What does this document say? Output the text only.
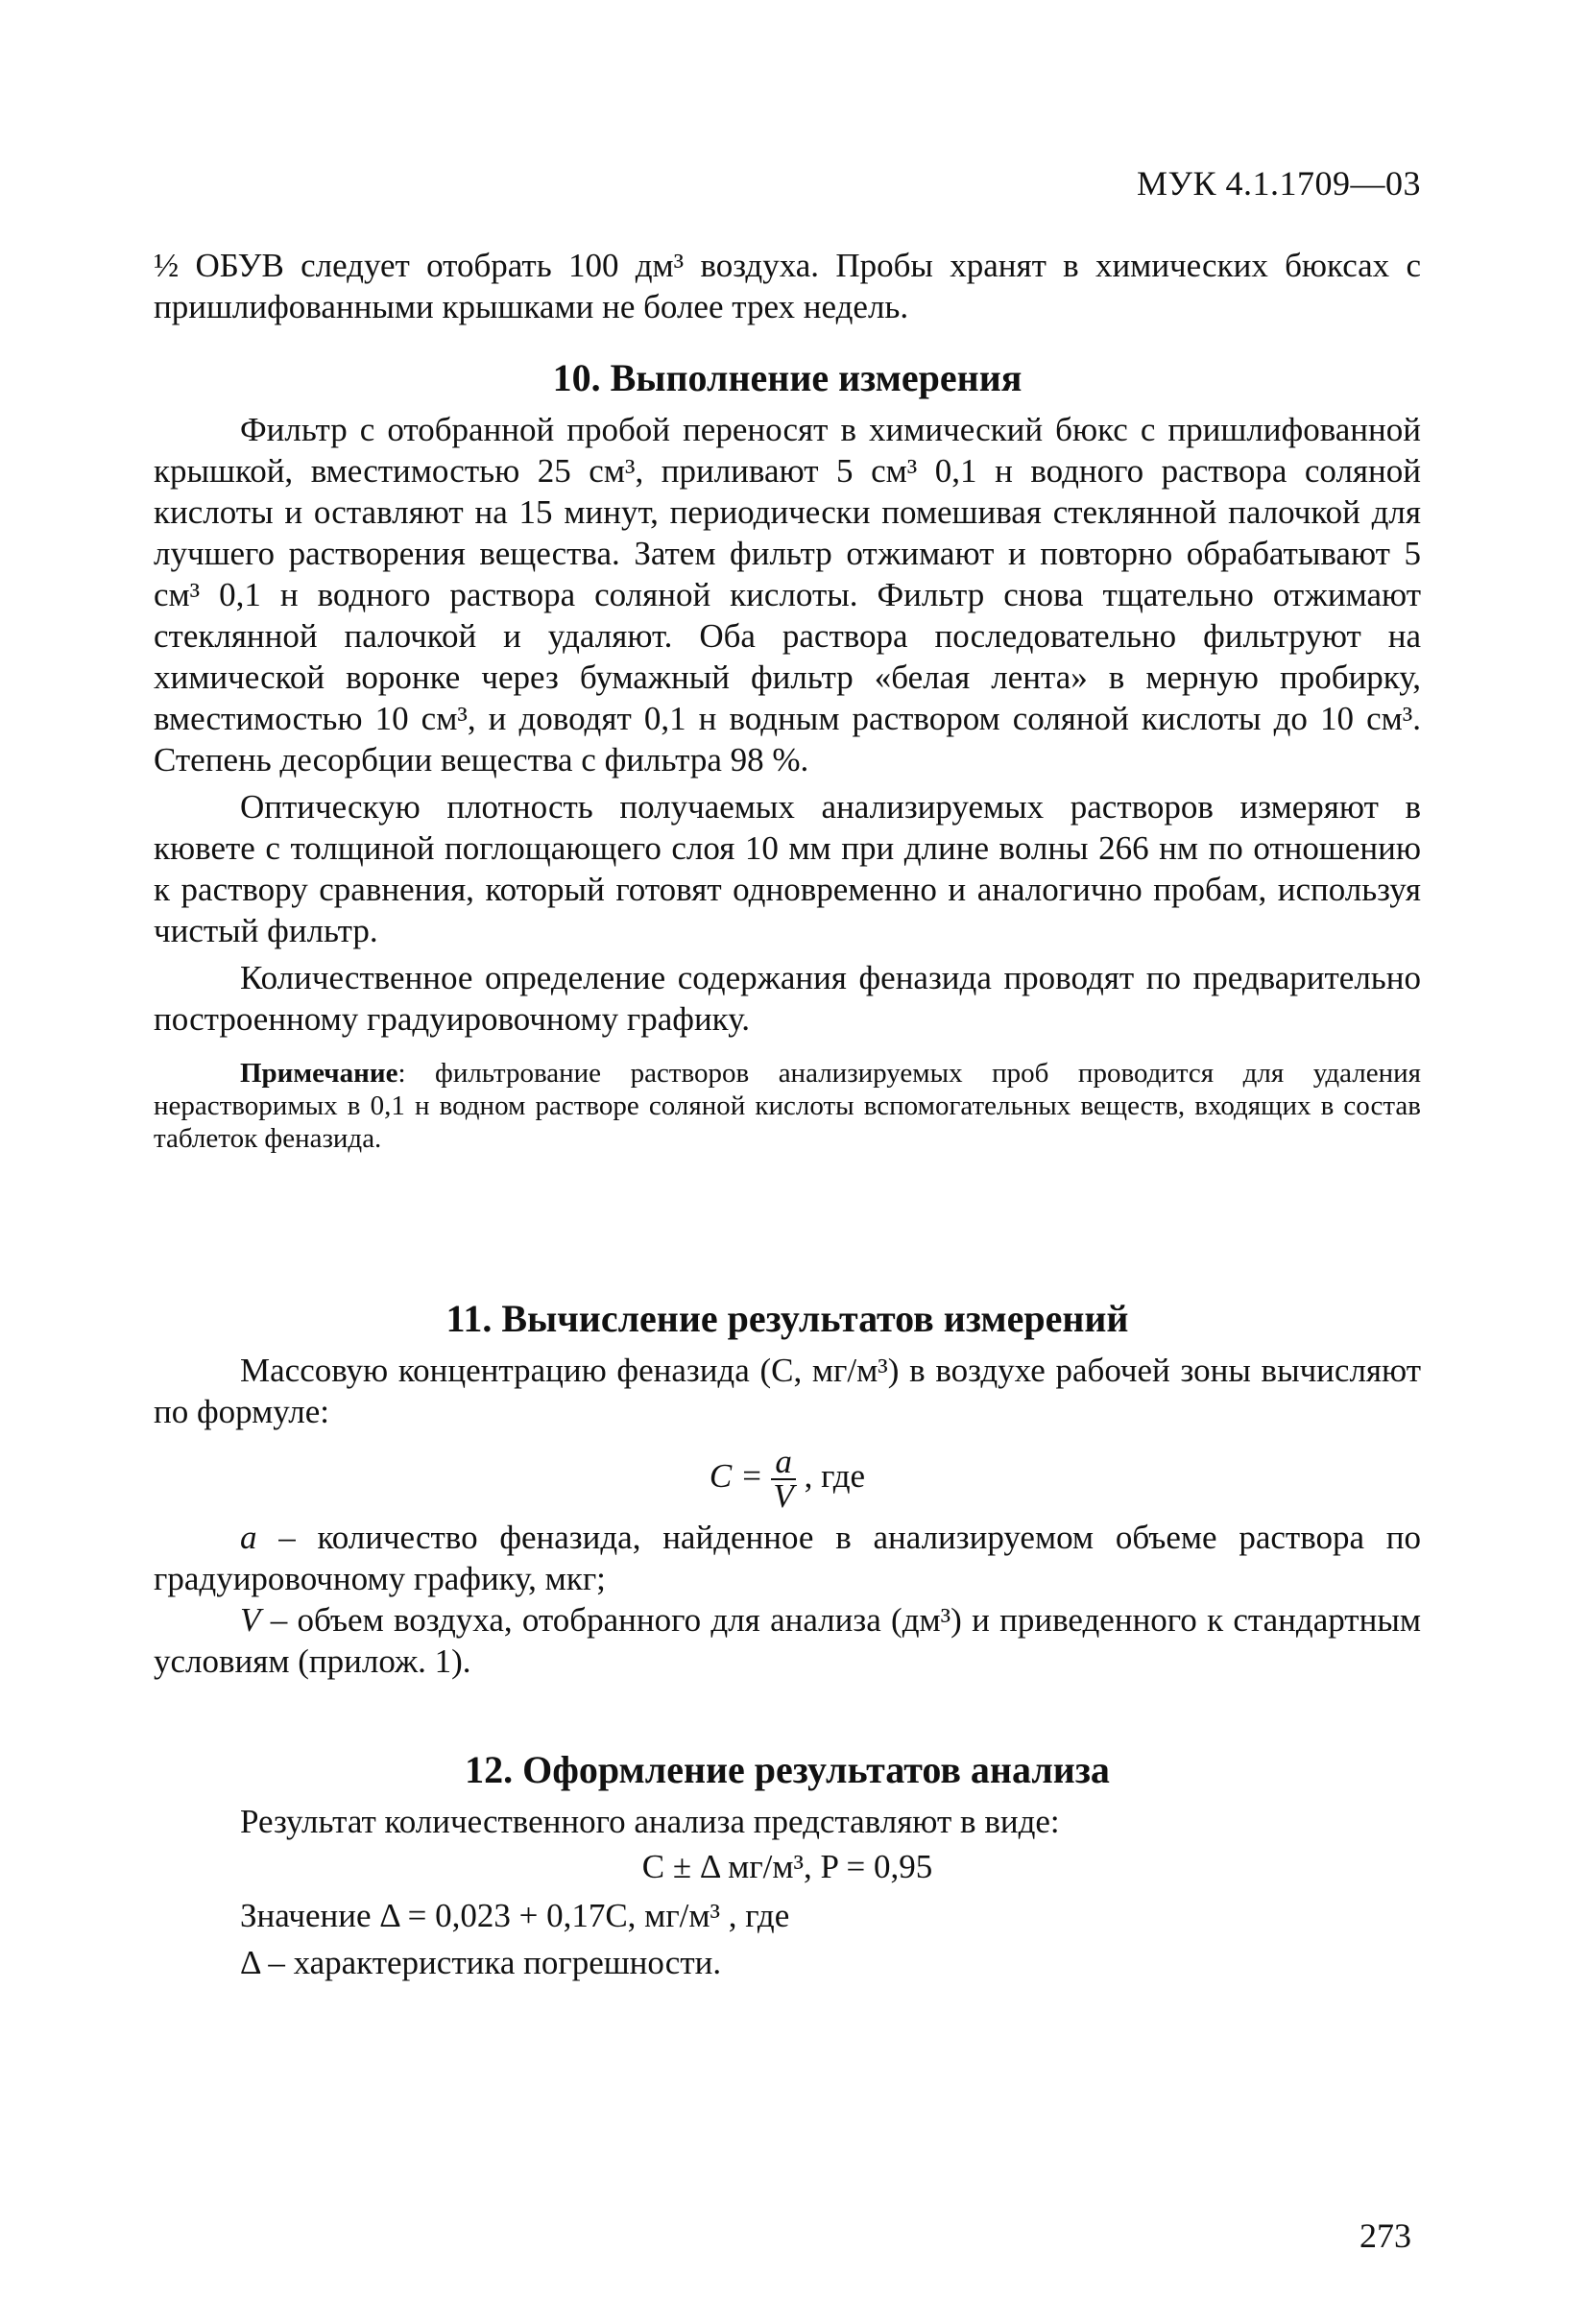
МУК 4.1.1709—03

½ ОБУВ следует отобрать 100 дм³ воздуха. Пробы хранят в химических бюксах с пришлифованными крышками не более трех недель.

10. Выполнение измерения

Фильтр с отобранной пробой переносят в химический бюкс с пришлифованной крышкой, вместимостью 25 см³, приливают 5 см³ 0,1 н водного раствора соляной кислоты и оставляют на 15 минут, периодически помешивая стеклянной палочкой для лучшего растворения вещества. Затем фильтр отжимают и повторно обрабатывают 5 см³ 0,1 н водного раствора соляной кислоты. Фильтр снова тщательно отжимают стеклянной палочкой и удаляют. Оба раствора последовательно фильтруют на химической воронке через бумажный фильтр «белая лента» в мерную пробирку, вместимостью 10 см³, и доводят 0,1 н водным раствором соляной кислоты до 10 см³. Степень десорбции вещества с фильтра 98 %.

Оптическую плотность получаемых анализируемых растворов измеряют в кювете с толщиной поглощающего слоя 10 мм при длине волны 266 нм по отношению к раствору сравнения, который готовят одновременно и аналогично пробам, используя чистый фильтр.

Количественное определение содержания феназида проводят по предварительно построенному градуировочному графику.

Примечание: фильтрование растворов анализируемых проб проводится для удаления нерастворимых в 0,1 н водном растворе соляной кислоты вспомогательных веществ, входящих в состав таблеток феназида.
11. Вычисление результатов измерений

Массовую концентрацию феназида (С, мг/м³) в воздухе рабочей зоны вычисляют по формуле:

$C = \frac{a}{V}$ , где

a – количество феназида, найденное в анализируемом объеме раствора по градуировочному графику, мкг;

V – объем воздуха, отобранного для анализа (дм³) и приведенного к стандартным условиям (прилож. 1).

12. Оформление результатов анализа

Результат количественного анализа представляют в виде:

C ± Δ мг/м³, P = 0,95

Значение Δ = 0,023 + 0,17C, мг/м³ , где

Δ – характеристика погрешности.

273
